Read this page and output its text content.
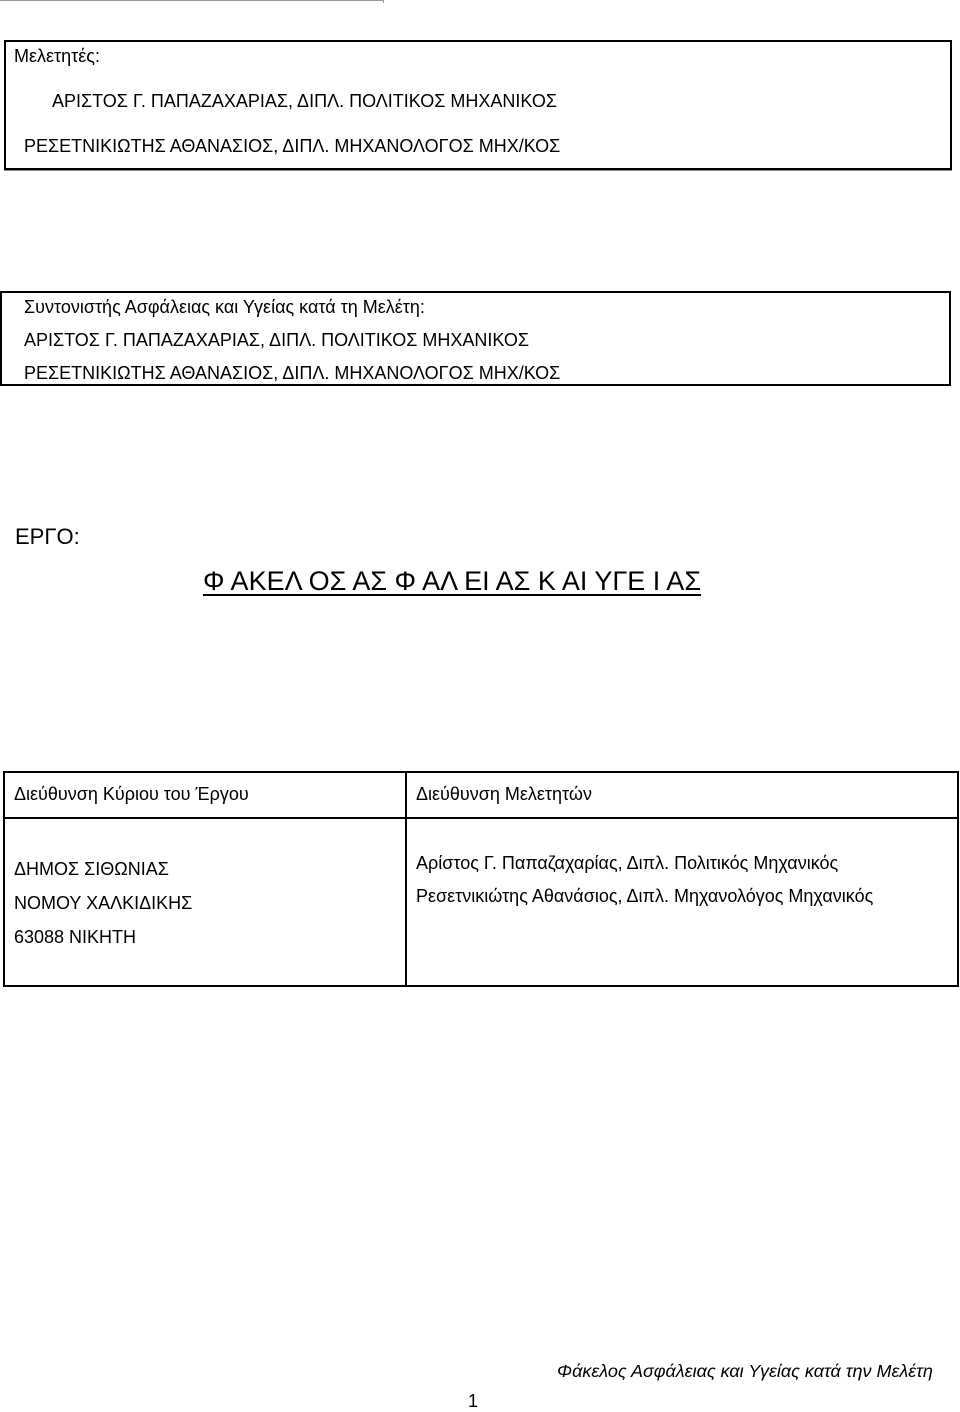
Μελετητές:
ΑΡΙΣΤΟΣ Γ. ΠΑΠΑΖΑΧΑΡΙΑΣ, ΔΙΠΛ. ΠΟΛΙΤΙΚΟΣ ΜΗΧΑΝΙΚΟΣ
ΡΕΣΕΤΝΙΚΙΩΤΗΣ ΑΘΑΝΑΣΙΟΣ, ΔΙΠΛ. ΜΗΧΑΝΟΛΟΓΟΣ ΜΗΧ/ΚΟΣ
Συντονιστής Ασφάλειας και Υγείας κατά τη Μελέτη:
ΑΡΙΣΤΟΣ Γ. ΠΑΠΑΖΑΧΑΡΙΑΣ, ΔΙΠΛ. ΠΟΛΙΤΙΚΟΣ ΜΗΧΑΝΙΚΟΣ
ΡΕΣΕΤΝΙΚΙΩΤΗΣ ΑΘΑΝΑΣΙΟΣ, ΔΙΠΛ. ΜΗΧΑΝΟΛΟΓΟΣ ΜΗΧ/ΚΟΣ
ΕΡΓΟ:
Φ ΑΚΕΛ ΟΣ ΑΣ Φ ΑΛ ΕΙ ΑΣ Κ ΑΙ ΥΓΕ Ι ΑΣ
Διεύθυνση Κύριου του Έργου	Διεύθυνση Μελετητών
ΔΗΜΟΣ ΣΙΘΩΝΙΑΣ
ΝΟΜΟΥ ΧΑΛΚΙΔΙΚΗΣ
63088 ΝΙΚΗΤΗ
Αρίστος Γ. Παπαζαχαρίας, Διπλ. Πολιτικός Μηχανικός
Ρεσετνικιώτης Αθανάσιος, Διπλ. Μηχανολόγος Μηχανικός
Φάκελος Ασφάλειας και Υγείας κατά την Μελέτη
1
